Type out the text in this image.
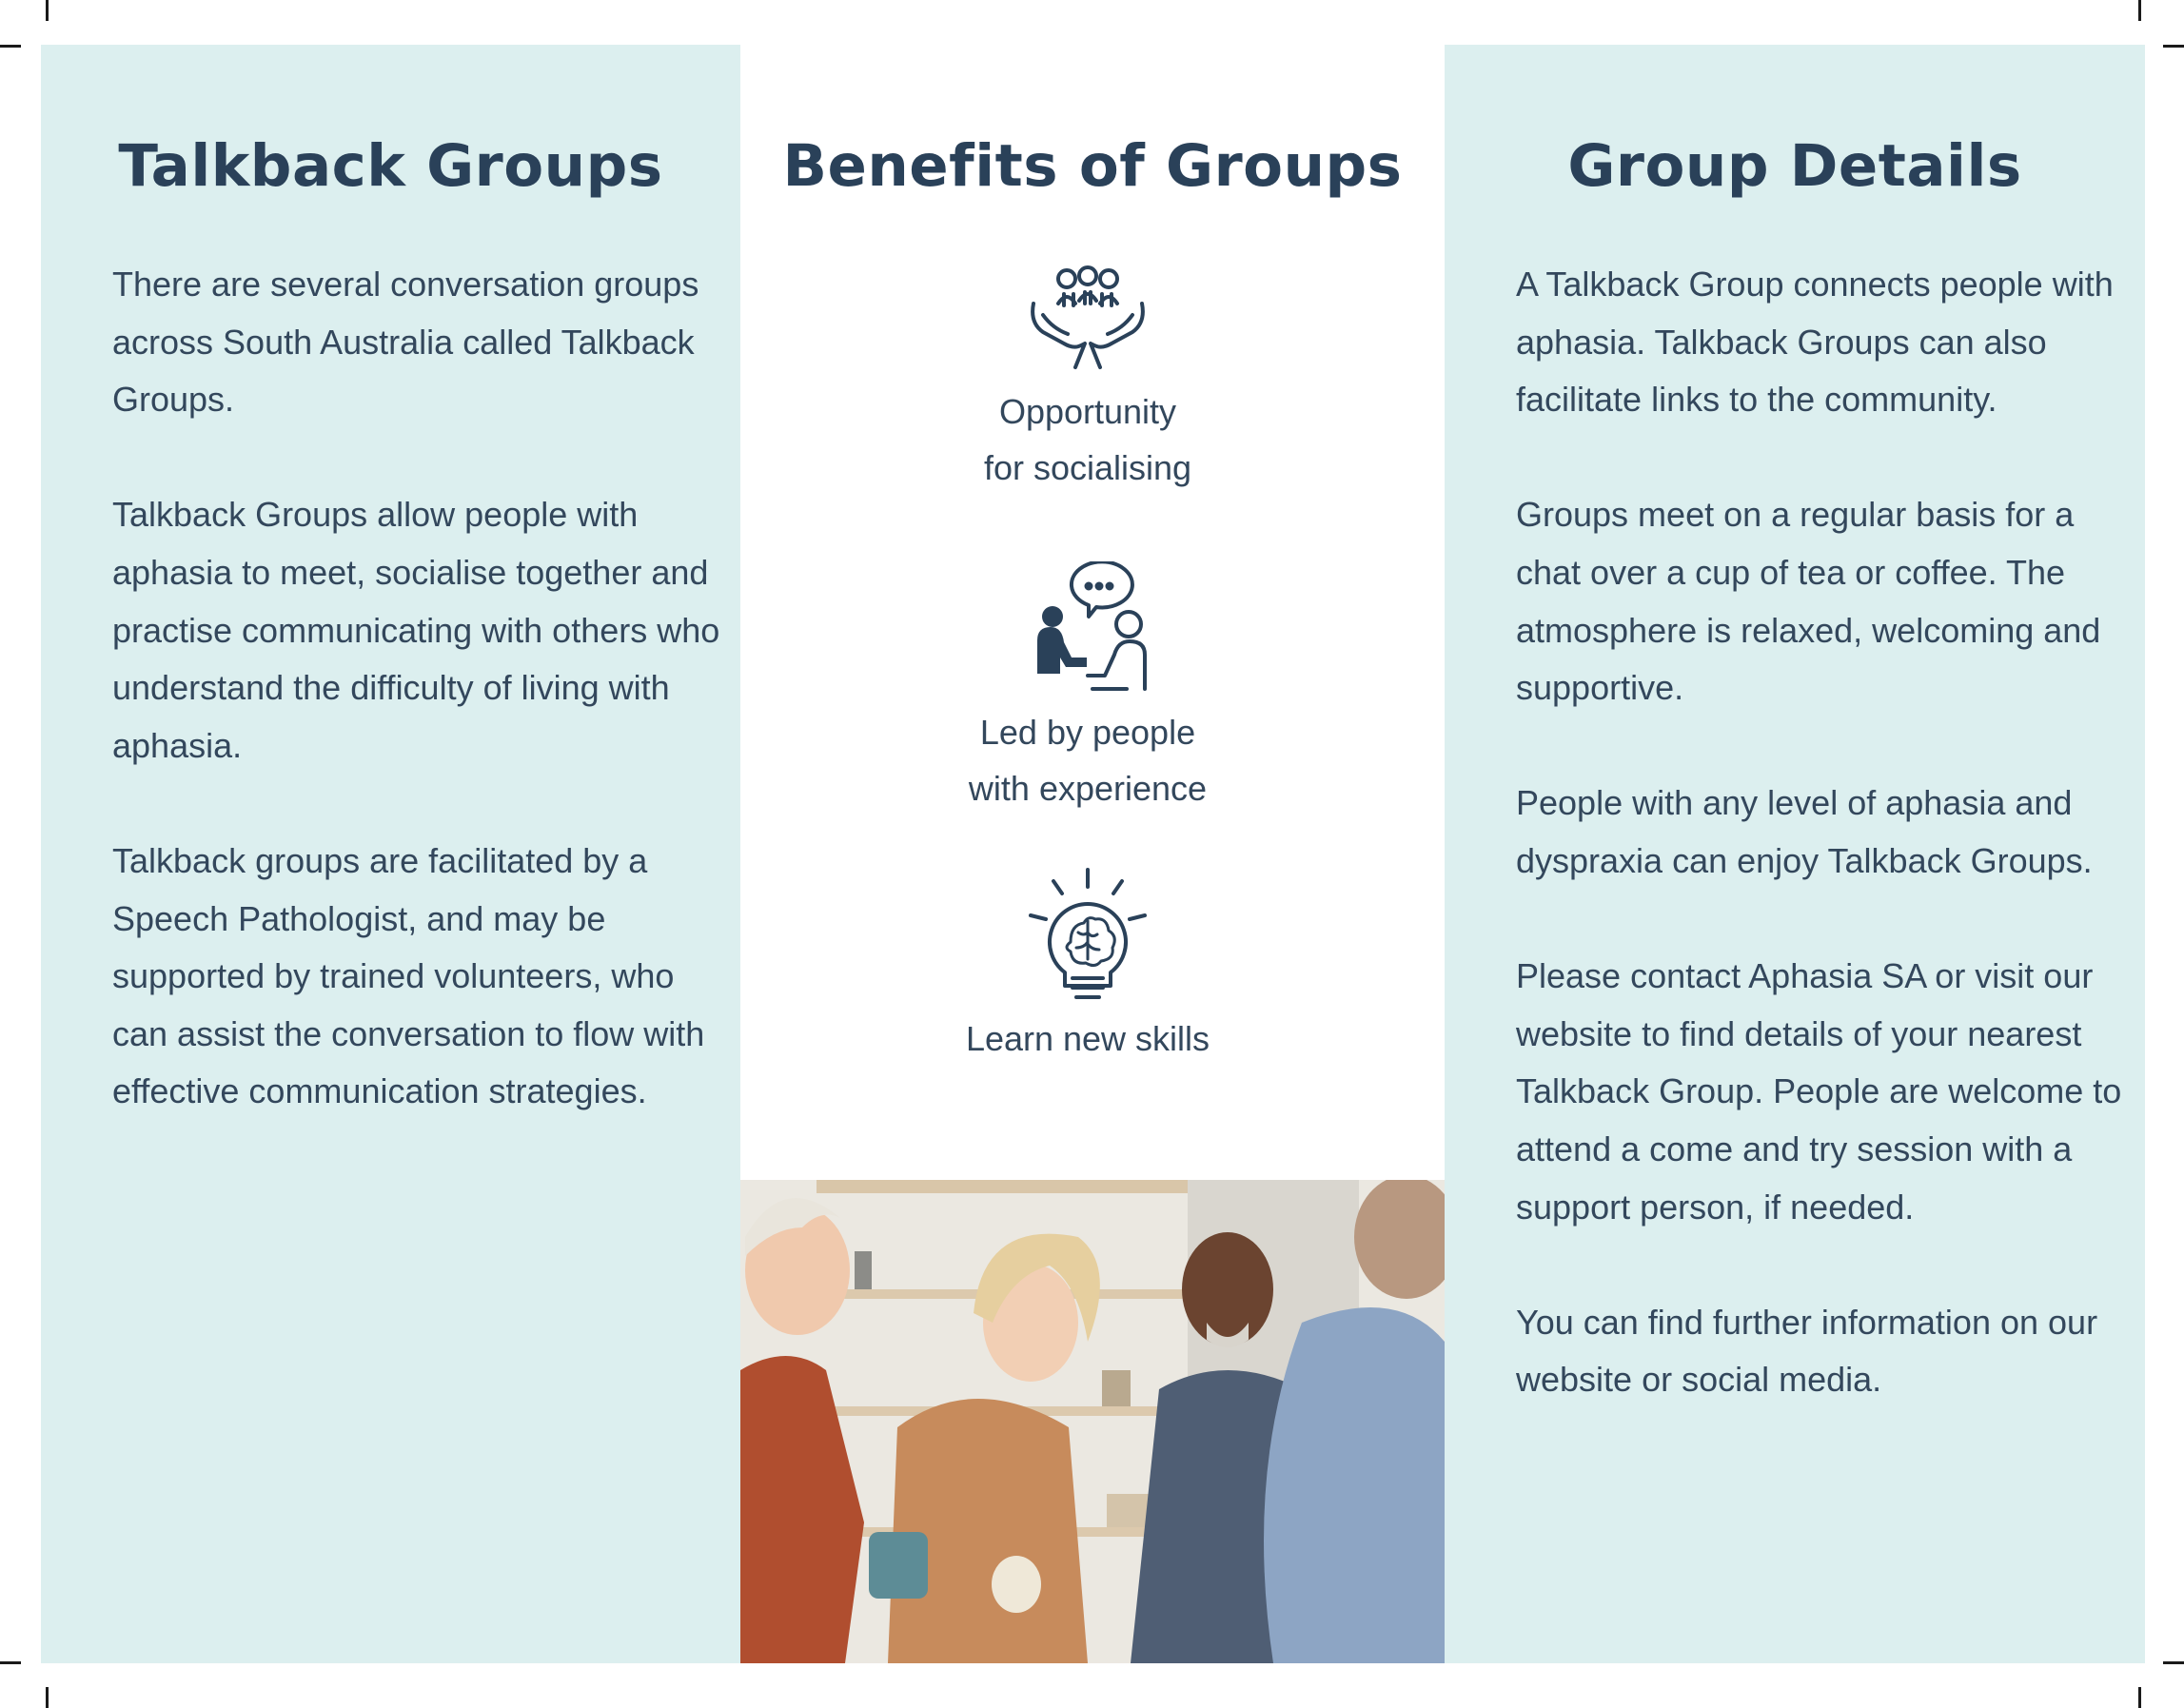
Talkback Groups

There are several conversation groups across South Australia called Talkback Groups.

Talkback Groups allow people with aphasia to meet, socialise together and practise communicating with others who understand the difficulty of living with aphasia.

Talkback groups are facilitated by a Speech Pathologist, and may be supported by trained volunteers, who can assist the conversation to flow with effective communication strategies.

Benefits of Groups
Opportunity
for socialising
Led by people
with experience
Learn new skills
Group Details

A Talkback Group connects people with aphasia. Talkback Groups can also facilitate links to the community.

Groups meet on a regular basis for a chat over a cup of tea or coffee. The atmosphere is relaxed, welcoming and supportive.

People with any level of aphasia and dyspraxia can enjoy Talkback Groups.

Please contact Aphasia SA or visit our website to find details of your nearest Talkback Group. People are welcome to attend a come and try session with a support person, if needed.

You can find further information on our website or social media.
